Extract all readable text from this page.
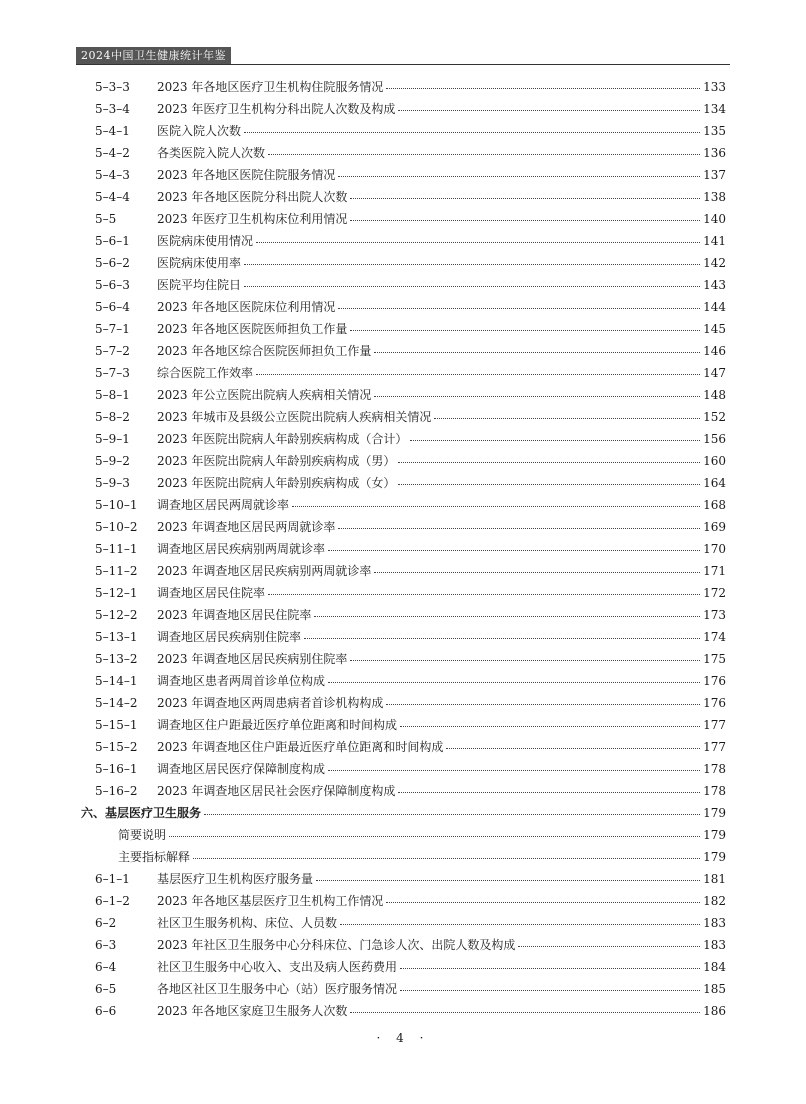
2024中国卫生健康统计年鉴
5–3–3 2023 年各地区医疗卫生机构住院服务情况	133
5–3–4 2023 年医疗卫生机构分科出院人次数及构成	134
5–4–1 医院入院人次数	135
5–4–2 各类医院入院人次数	136
5–4–3 2023 年各地区医院住院服务情况	137
5–4–4 2023 年各地区医院分科出院人次数	138
5–5	2023 年医疗卫生机构床位利用情况	140
5–6–1 医院病床使用情况	141
5–6–2 医院病床使用率	142
5–6–3 医院平均住院日	143
5–6–4 2023 年各地区医院床位利用情况	144
5–7–1 2023 年各地区医院医师担负工作量	145
5–7–2 2023 年各地区综合医院医师担负工作量	146
5–7–3 综合医院工作效率	147
5–8–1 2023 年公立医院出院病人疾病相关情况	148
5–8–2 2023 年城市及县级公立医院出院病人疾病相关情况	152
5–9–1 2023 年医院出院病人年龄别疾病构成（合计）	156
5–9–2 2023 年医院出院病人年龄别疾病构成（男）	160
5–9–3 2023 年医院出院病人年龄别疾病构成（女）	164
5–10–1 调查地区居民两周就诊率	168
5–10–2 2023 年调查地区居民两周就诊率	169
5–11–1 调查地区居民疾病别两周就诊率	170
5–11–2 2023 年调查地区居民疾病别两周就诊率	171
5–12–1 调查地区居民住院率	172
5–12–2 2023 年调查地区居民住院率	173
5–13–1 调查地区居民疾病别住院率	174
5–13–2 2023 年调查地区居民疾病别住院率	175
5–14–1 调查地区患者两周首诊单位构成	176
5–14–2 2023 年调查地区两周患病者首诊机构构成	176
5–15–1 调查地区住户距最近医疗单位距离和时间构成	177
5–15–2 2023 年调查地区住户距最近医疗单位距离和时间构成	177
5–16–1 调查地区居民医疗保障制度构成	178
5–16–2 2023 年调查地区居民社会医疗保障制度构成	178
六、基层医疗卫生服务	179
简要说明	179
主要指标解释	179
6–1–1 基层医疗卫生机构医疗服务量	181
6–1–2 2023 年各地区基层医疗卫生机构工作情况	182
6–2	社区卫生服务机构、床位、人员数	183
6–3	2023 年社区卫生服务中心分科床位、门急诊人次、出院人数及构成	183
6–4	社区卫生服务中心收入、支出及病人医药费用	184
6–5	各地区社区卫生服务中心（站）医疗服务情况	185
6–6	2023 年各地区家庭卫生服务人次数	186
· 4 ·
